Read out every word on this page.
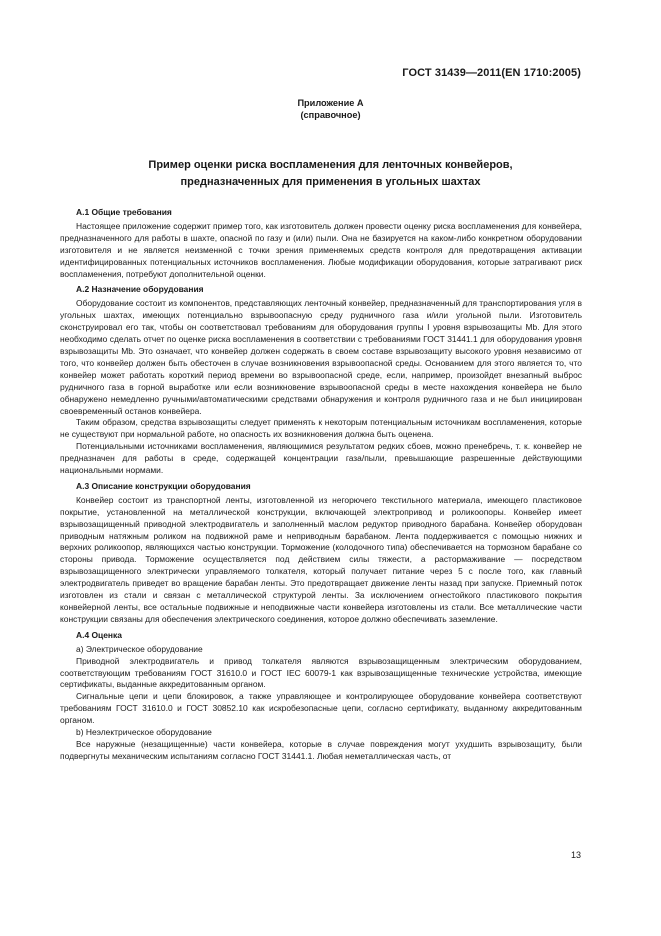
ГОСТ 31439—2011(EN 1710:2005)
Приложение А
(справочное)
Пример оценки риска воспламенения для ленточных конвейеров,
предназначенных для применения в угольных шахтах
А.1 Общие требования

Настоящее приложение содержит пример того, как изготовитель должен провести оценку риска воспламенения для конвейера, предназначенного для работы в шахте, опасной по газу и (или) пыли. Она не базируется на каком-либо конкретном оборудовании изготовителя и не является неизменной с точки зрения применяемых средств контроля для предотвращения активации идентифицированных потенциальных источников воспламенения. Любые модификации оборудования, которые затрагивают риск воспламенения, потребуют дополнительной оценки.

А.2 Назначение оборудования

Оборудование состоит из компонентов, представляющих ленточный конвейер, предназначенный для транспортирования угля в угольных шахтах, имеющих потенциально взрывоопасную среду рудничного газа и/или угольной пыли. Изготовитель сконструировал его так, чтобы он соответствовал требованиям для оборудования группы I уровня взрывозащиты Mb. Для этого необходимо сделать отчет по оценке риска воспламенения в соответствии с требованиями ГОСТ 31441.1 для оборудования уровня взрывозащиты Mb. Это означает, что конвейер должен содержать в своем составе взрывозащиту высокого уровня независимо от того, что конвейер должен быть обесточен в случае возникновения взрывоопасной среды. Основанием для этого является то, что конвейер может работать короткий период времени во взрывоопасной среде, если, например, произойдет внезапный выброс рудничного газа в горной выработке или если возникновение взрывоопасной среды в месте нахождения конвейера не было обнаружено немедленно ручными/автоматическими средствами обнаружения и контроля рудничного газа и не был инициирован своевременный останов конвейера.

Таким образом, средства взрывозащиты следует применять к некоторым потенциальным источникам воспламенения, которые не существуют при нормальной работе, но опасность их возникновения должна быть оценена.

Потенциальными источниками воспламенения, являющимися результатом редких сбоев, можно пренебречь, т. к. конвейер не предназначен для работы в среде, содержащей концентрации газа/пыли, превышающие разрешенные действующими национальными нормами.

А.3 Описание конструкции оборудования

Конвейер состоит из транспортной ленты, изготовленной из негорючего текстильного материала, имеющего пластиковое покрытие, установленной на металлической конструкции, включающей электропривод и роликоопоры. Конвейер имеет взрывозащищенный приводной электродвигатель и заполненный маслом редуктор приводного барабана. Конвейер оборудован приводным натяжным роликом на подвижной раме и неприводным барабаном. Лента поддерживается с помощью нижних и верхних роликоопор, являющихся частью конструкции. Торможение (колодочного типа) обеспечивается на тормозном барабане со стороны привода. Торможение осуществляется под действием силы тяжести, а растормаживание — посредством взрывозащищенного электрически управляемого толкателя, который получает питание через 5 с после того, как главный электродвигатель приведет во вращение барабан ленты. Это предотвращает движение ленты назад при запуске. Приемный поток изготовлен из стали и связан с металлической структурой ленты. За исключением огнестойкого пластикового покрытия конвейерной ленты, все остальные подвижные и неподвижные части конвейера изготовлены из стали. Все металлические части конструкции связаны для обеспечения электрического соединения, которое должно обеспечивать заземление.

А.4 Оценка
а) Электрическое оборудование

Приводной электродвигатель и привод толкателя являются взрывозащищенным электрическим оборудованием, соответствующим требованиям ГОСТ 31610.0 и ГОСТ IEC 60079-1 как взрывозащищенные технические устройства, имеющие сертификаты, выданные аккредитованным органом.

Сигнальные цепи и цепи блокировок, а также управляющее и контролирующее оборудование конвейера соответствуют требованиям ГОСТ 31610.0 и ГОСТ 30852.10 как искробезопасные цепи, согласно сертификату, выданному аккредитованным органом.

b) Неэлектрическое оборудование

Все наружные (незащищенные) части конвейера, которые в случае повреждения могут ухудшить взрывозащиту, были подвергнуты механическим испытаниям согласно ГОСТ 31441.1. Любая неметаллическая часть, от

13
